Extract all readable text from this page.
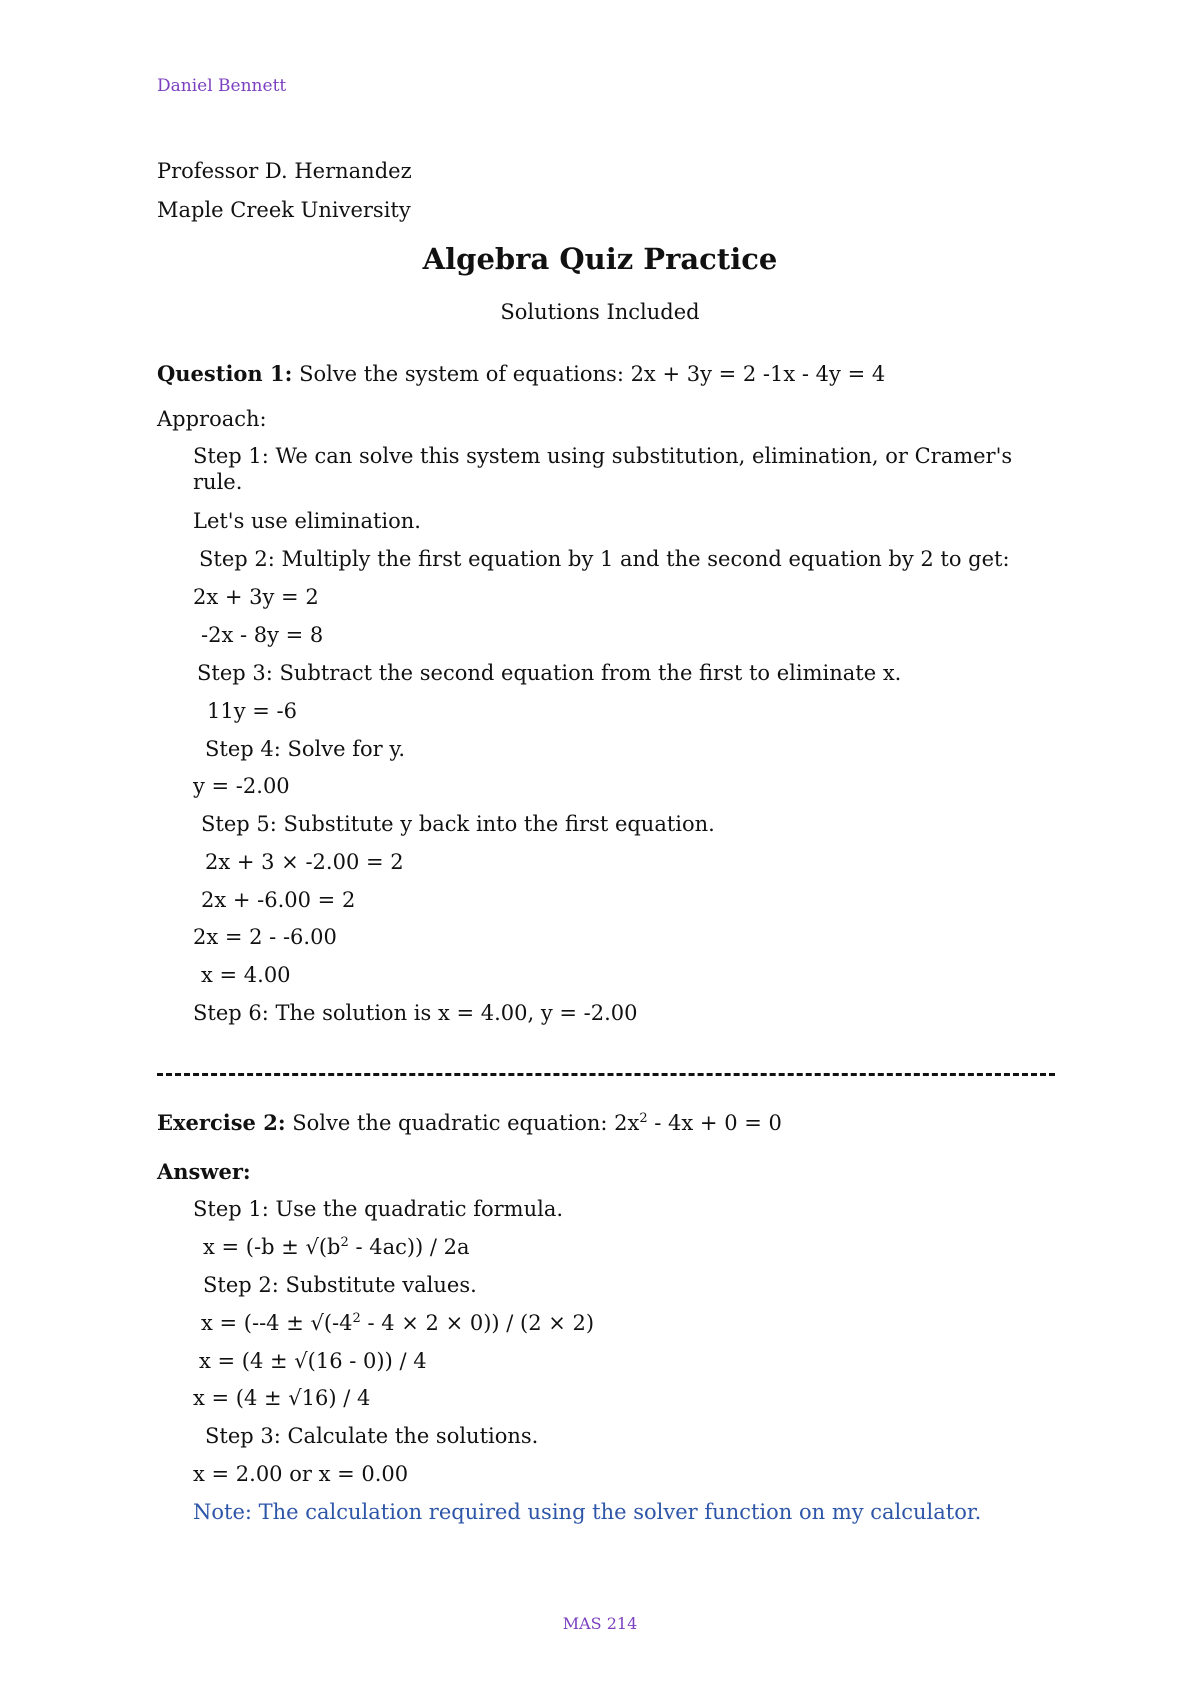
Daniel Bennett
Professor D. Hernandez
Maple Creek University
Algebra Quiz Practice
Solutions Included
Question 1: Solve the system of equations: 2x + 3y = 2 -1x - 4y = 4
Approach:
Step 1: We can solve this system using substitution, elimination, or Cramer's rule.
Let's use elimination.
Step 2: Multiply the first equation by 1 and the second equation by 2 to get:
2x + 3y = 2
-2x - 8y = 8
Step 3: Subtract the second equation from the first to eliminate x.
11y = -6
Step 4: Solve for y.
y = -2.00
Step 5: Substitute y back into the first equation.
2x + 3 × -2.00 = 2
2x + -6.00 = 2
2x = 2 - -6.00
x = 4.00
Step 6: The solution is x = 4.00, y = -2.00
Exercise 2: Solve the quadratic equation: $2x^2 - 4x + 0 = 0$
Answer:
Step 1: Use the quadratic formula.
$x = (-b \pm √(b^2 - 4ac)) / 2a$
Step 2: Substitute values.
$x = (--4 \pm √(-4^2 - 4 \times 2 \times 0)) / (2 \times 2)$
x = (4 ± √(16 - 0)) / 4
x = (4 ± √16) / 4
Step 3: Calculate the solutions.
x = 2.00 or x = 0.00
Note: The calculation required using the solver function on my calculator.
MAS 214
